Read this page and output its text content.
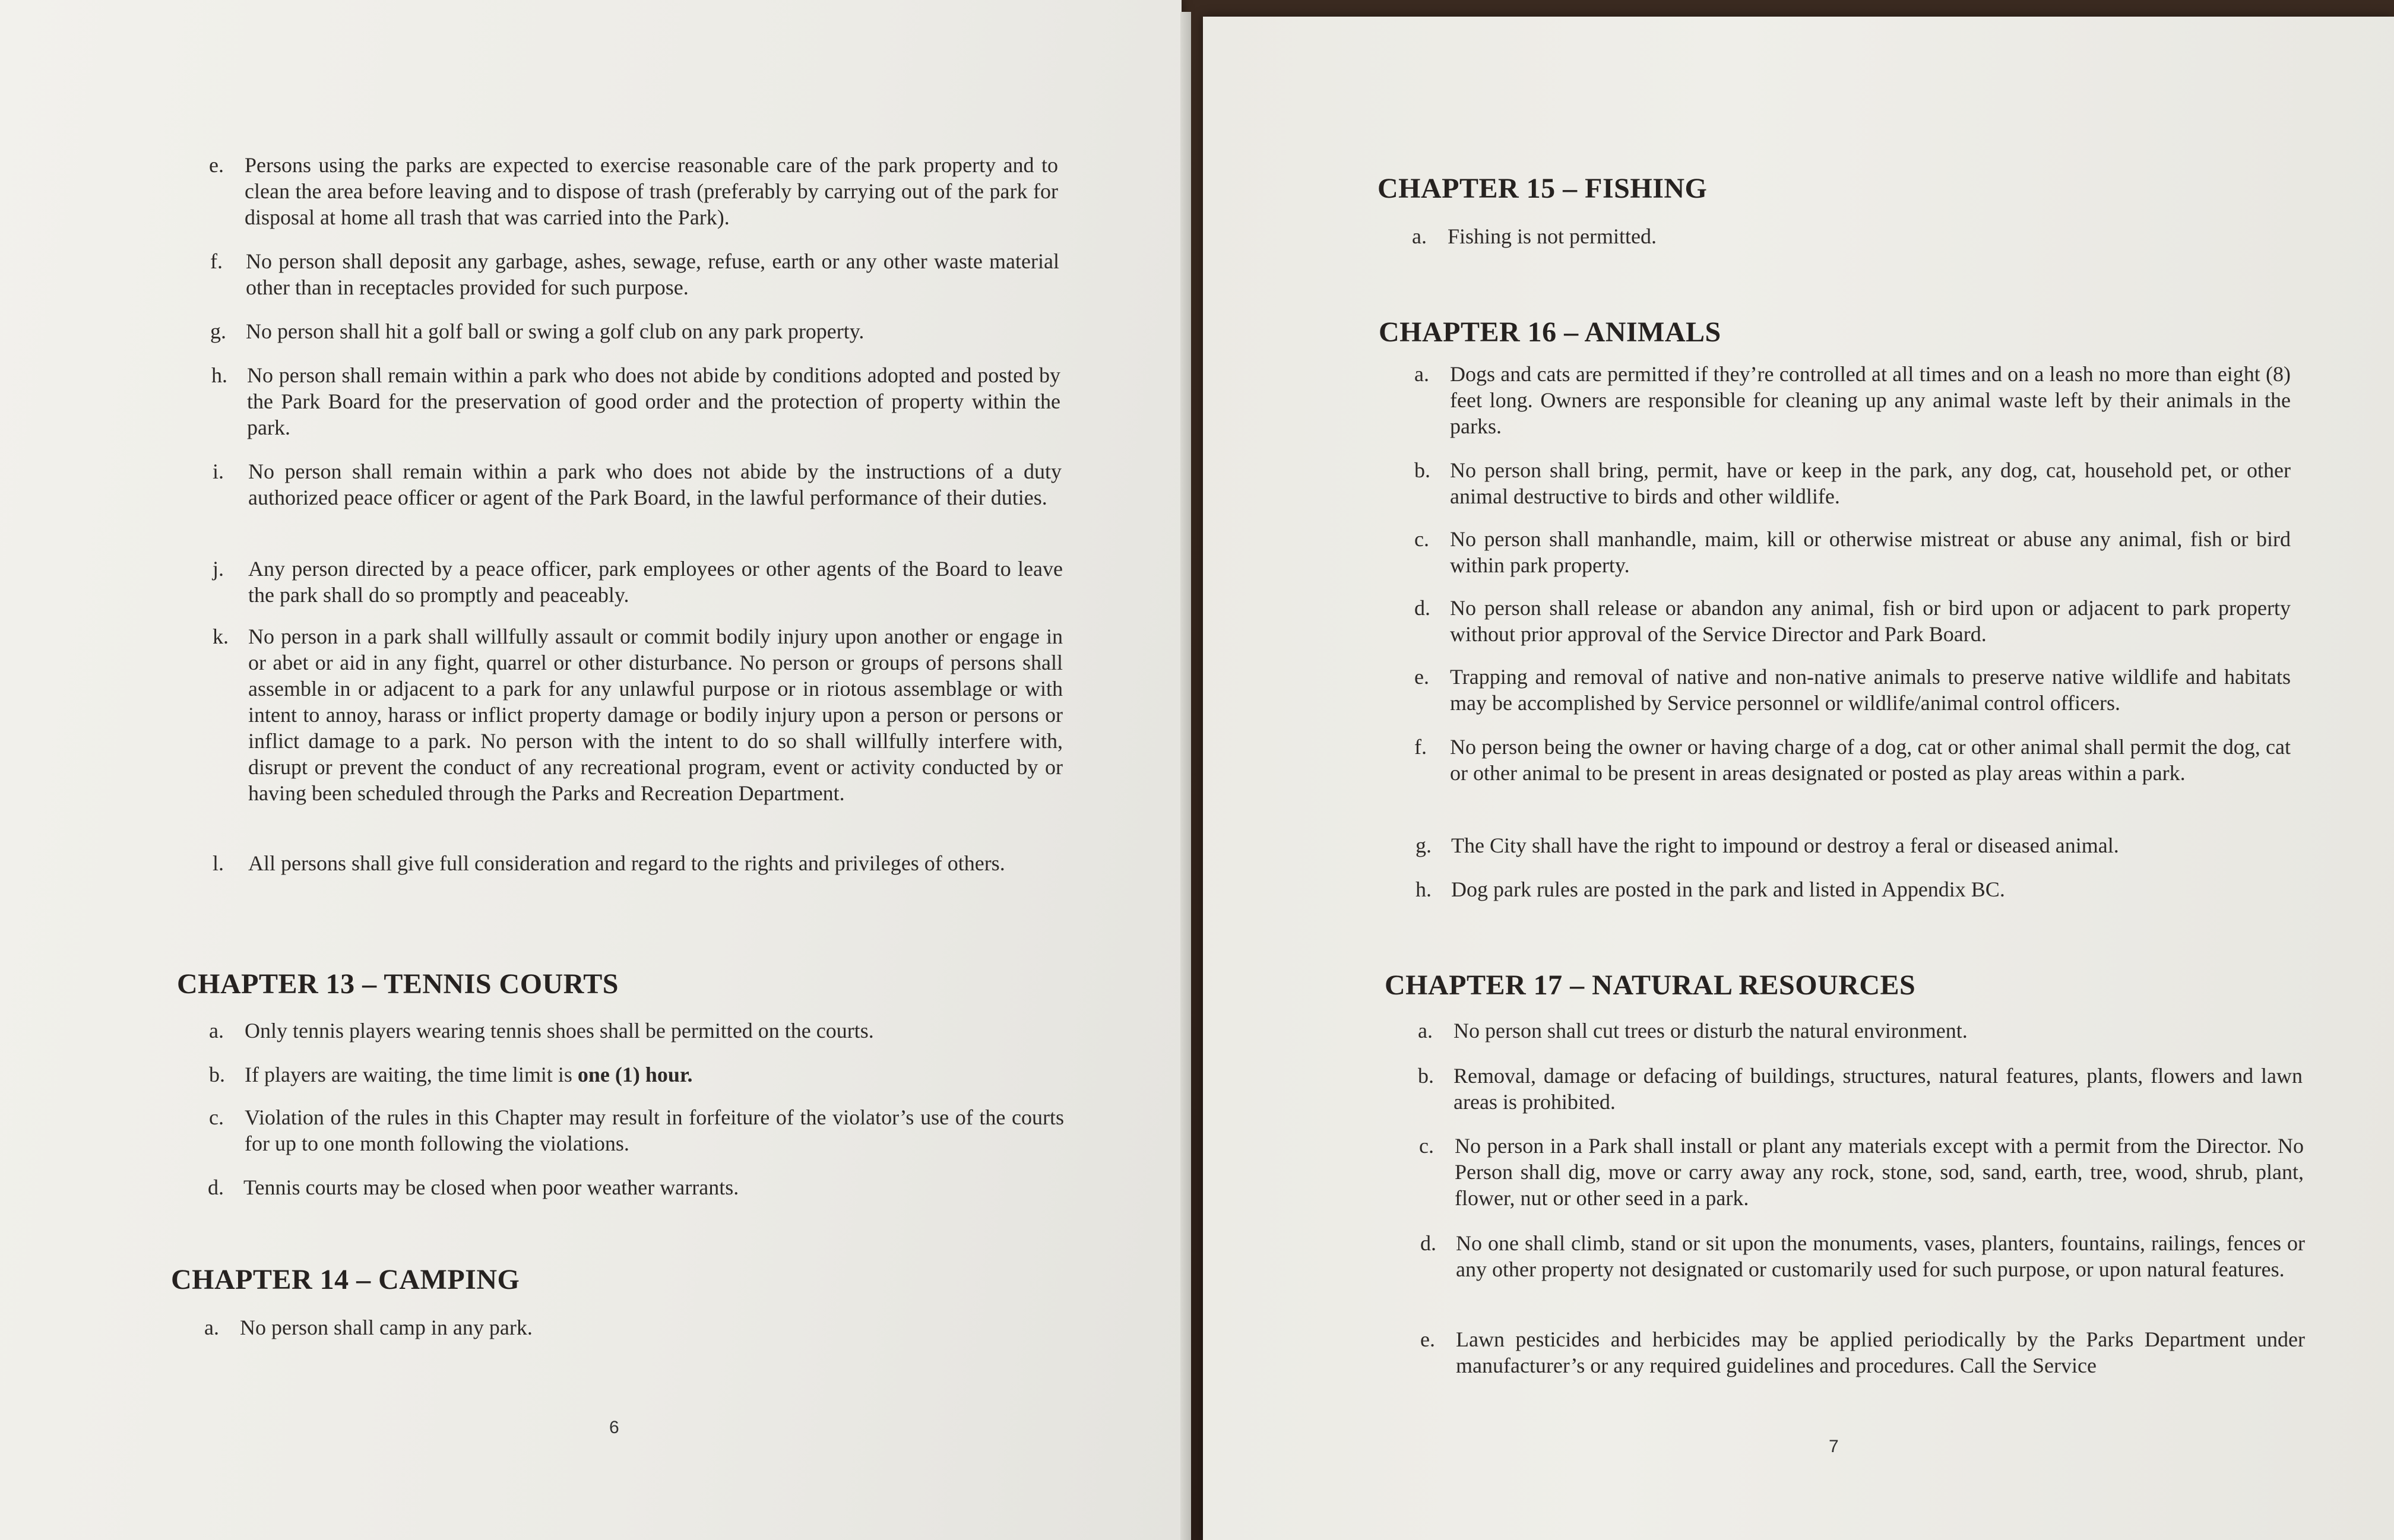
e. Persons using the parks are expected to exercise reasonable care of the park property and to clean the area before leaving and to dispose of trash (preferably by carrying out of the park for disposal at home all trash that was carried into the Park).
f. No person shall deposit any garbage, ashes, sewage, refuse, earth or any other waste material other than in receptacles provided for such purpose.
g. No person shall hit a golf ball or swing a golf club on any park property.
h. No person shall remain within a park who does not abide by conditions adopted and posted by the Park Board for the preservation of good order and the protection of property within the park.
i. No person shall remain within a park who does not abide by the instructions of a duty authorized peace officer or agent of the Park Board, in the lawful performance of their duties.
j. Any person directed by a peace officer, park employees or other agents of the Board to leave the park shall do so promptly and peaceably.
k. No person in a park shall willfully assault or commit bodily injury upon another or engage in or abet or aid in any fight, quarrel or other disturbance. No person or groups of persons shall assemble in or adjacent to a park for any unlawful purpose or in riotous assemblage or with intent to annoy, harass or inflict property damage or bodily injury upon a person or persons or inflict damage to a park. No person with the intent to do so shall willfully interfere with, disrupt or prevent the conduct of any recreational program, event or activity conducted by or having been scheduled through the Parks and Recreation Department.
l. All persons shall give full consideration and regard to the rights and privileges of others.
CHAPTER 13 – TENNIS COURTS
a. Only tennis players wearing tennis shoes shall be permitted on the courts.
b. If players are waiting, the time limit is one (1) hour.
c. Violation of the rules in this Chapter may result in forfeiture of the violator’s use of the courts for up to one month following the violations.
d. Tennis courts may be closed when poor weather warrants.
CHAPTER 14 – CAMPING
a. No person shall camp in any park.
6
CHAPTER 15 – FISHING
a. Fishing is not permitted.
CHAPTER 16 – ANIMALS
a. Dogs and cats are permitted if they’re controlled at all times and on a leash no more than eight (8) feet long. Owners are responsible for cleaning up any animal waste left by their animals in the parks.
b. No person shall bring, permit, have or keep in the park, any dog, cat, household pet, or other animal destructive to birds and other wildlife.
c. No person shall manhandle, maim, kill or otherwise mistreat or abuse any animal, fish or bird within park property.
d. No person shall release or abandon any animal, fish or bird upon or adjacent to park property without prior approval of the Service Director and Park Board.
e. Trapping and removal of native and non-native animals to preserve native wildlife and habitats may be accomplished by Service personnel or wildlife/animal control officers.
f. No person being the owner or having charge of a dog, cat or other animal shall permit the dog, cat or other animal to be present in areas designated or posted as play areas within a park.
g. The City shall have the right to impound or destroy a feral or diseased animal.
h. Dog park rules are posted in the park and listed in Appendix BC.
CHAPTER 17 – NATURAL RESOURCES
a. No person shall cut trees or disturb the natural environment.
b. Removal, damage or defacing of buildings, structures, natural features, plants, flowers and lawn areas is prohibited.
c. No person in a Park shall install or plant any materials except with a permit from the Director. No Person shall dig, move or carry away any rock, stone, sod, sand, earth, tree, wood, shrub, plant, flower, nut or other seed in a park.
d. No one shall climb, stand or sit upon the monuments, vases, planters, fountains, railings, fences or any other property not designated or customarily used for such purpose, or upon natural features.
e. Lawn pesticides and herbicides may be applied periodically by the Parks Department under manufacturer’s or any required guidelines and procedures. Call the Service
7
